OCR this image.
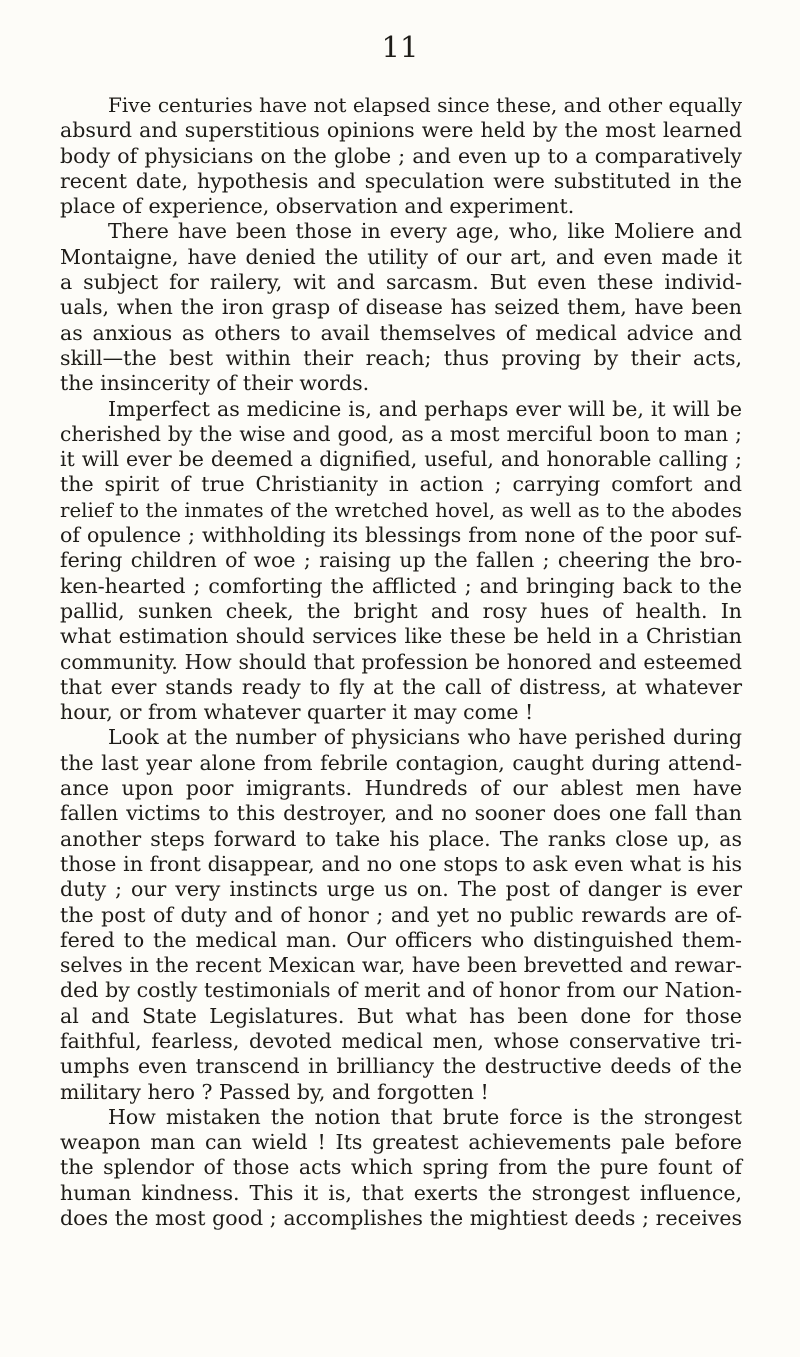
11
Five centuries have not elapsed since these, and other equally
absurd and superstitious opinions were held by the most learned
body of physicians on the globe ; and even up to a comparatively
recent date, hypothesis and speculation were substituted in the
place of experience, observation and experiment.
There have been those in every age, who, like Moliere and
Montaigne, have denied the utility of our art, and even made it
a subject for railery, wit and sarcasm. But even these individ-
uals, when the iron grasp of disease has seized them, have been
as anxious as others to avail themselves of medical advice and
skill—the best within their reach; thus proving by their acts,
the insincerity of their words.
Imperfect as medicine is, and perhaps ever will be, it will be
cherished by the wise and good, as a most merciful boon to man ;
it will ever be deemed a dignified, useful, and honorable calling ;
the spirit of true Christianity in action ; carrying comfort and
relief to the inmates of the wretched hovel, as well as to the abodes
of opulence ; withholding its blessings from none of the poor suf-
fering children of woe ; raising up the fallen ; cheering the bro-
ken-hearted ; comforting the afflicted ; and bringing back to the
pallid, sunken cheek, the bright and rosy hues of health. In
what estimation should services like these be held in a Christian
community. How should that profession be honored and esteemed
that ever stands ready to fly at the call of distress, at whatever
hour, or from whatever quarter it may come !
Look at the number of physicians who have perished during
the last year alone from febrile contagion, caught during attend-
ance upon poor imigrants. Hundreds of our ablest men have
fallen victims to this destroyer, and no sooner does one fall than
another steps forward to take his place. The ranks close up, as
those in front disappear, and no one stops to ask even what is his
duty ; our very instincts urge us on. The post of danger is ever
the post of duty and of honor ; and yet no public rewards are of-
fered to the medical man. Our officers who distinguished them-
selves in the recent Mexican war, have been brevetted and rewar-
ded by costly testimonials of merit and of honor from our Nation-
al and State Legislatures. But what has been done for those
faithful, fearless, devoted medical men, whose conservative tri-
umphs even transcend in brilliancy the destructive deeds of the
military hero ? Passed by, and forgotten !
How mistaken the notion that brute force is the strongest
weapon man can wield ! Its greatest achievements pale before
the splendor of those acts which spring from the pure fount of
human kindness. This it is, that exerts the strongest influence,
does the most good ; accomplishes the mightiest deeds ; receives
